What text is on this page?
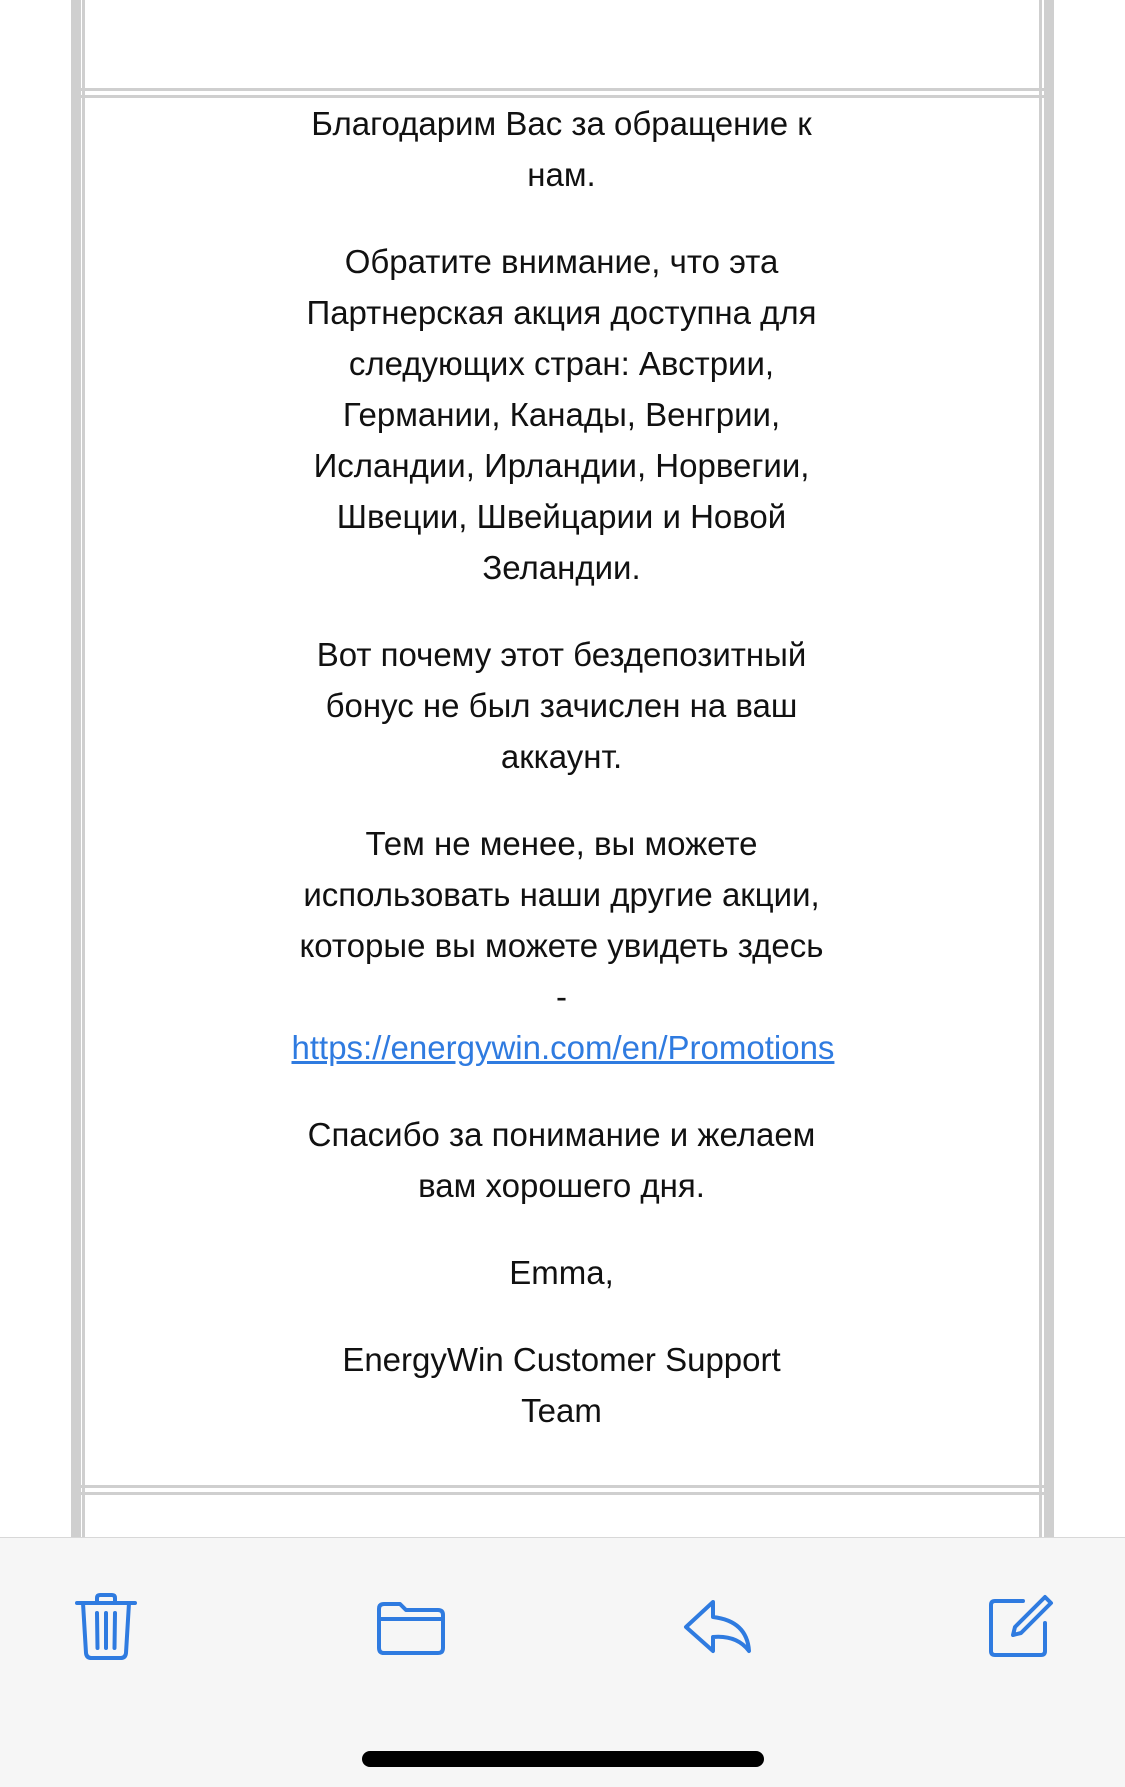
Благодарим Вас за обращение к нам.

Обратите внимание, что эта Партнерская акция доступна для следующих стран: Австрии, Германии, Канады, Венгрии, Исландии, Ирландии, Норвегии, Швеции, Швейцарии и Новой Зеландии.

Вот почему этот бездепозитный бонус не был зачислен на ваш аккаунт.

Тем не менее, вы можете использовать наши другие акции, которые вы можете увидеть здесь - https://energywin.com/en/Promotions

Спасибо за понимание и желаем вам хорошего дня.

Emma,

EnergyWin Customer Support Team
